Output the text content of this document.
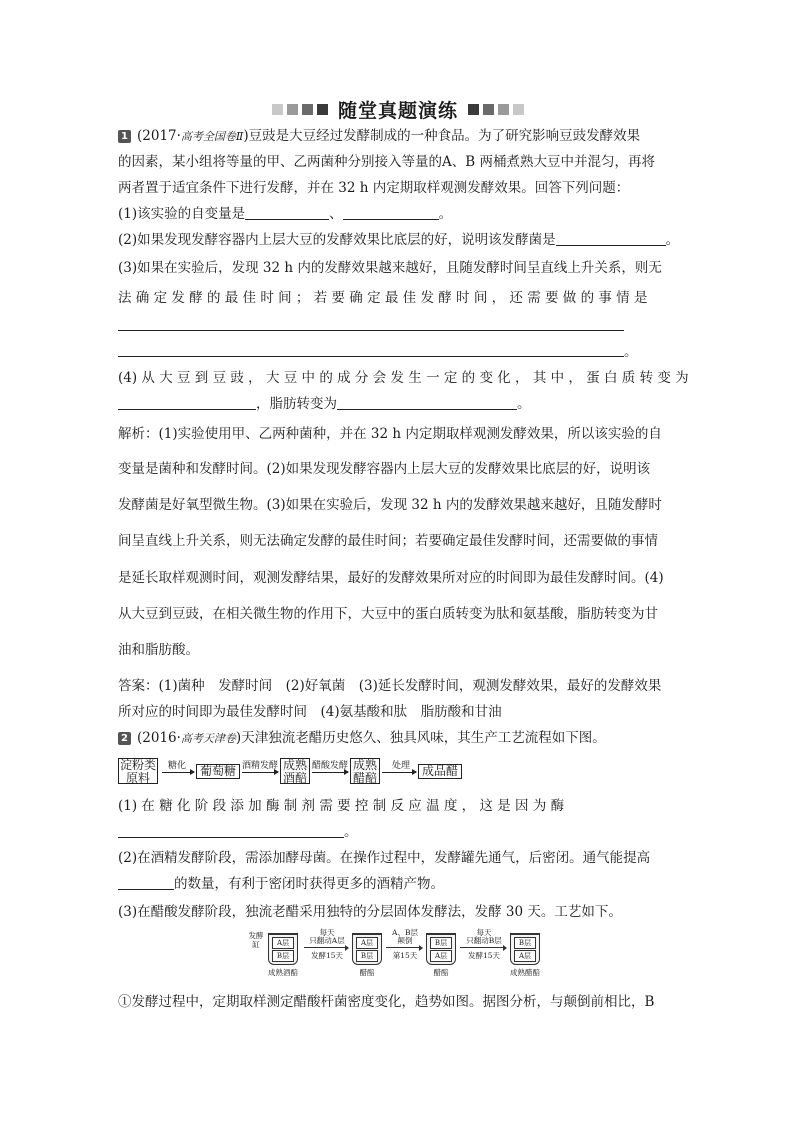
随堂真题演练
1 (2017·高考全国卷Ⅱ)豆豉是大豆经过发酵制成的一种食品。为了研究影响豆豉发酵效果
的因素，某小组将等量的甲、乙两菌种分别接入等量的A、B 两桶煮熟大豆中并混匀，再将
两者置于适宜条件下进行发酵，并在 32 h 内定期取样观测发酵效果。回答下列问题：
(1)该实验的自变量是	、	。
(2)如果发现发酵容器内上层大豆的发酵效果比底层的好，说明该发酵菌是	。
(3)如果在实验后，发现 32 h 内的发酵效果越来越好，且随发酵时间呈直线上升关系，则无
法 确 定 发 酵 的 最 佳 时 间 ； 若 要 确 定 最 佳 发 酵 时 间 ， 还 需 要 做 的 事 情 是
。
(4) 从 大 豆 到 豆 豉 ， 大 豆 中 的 成 分 会 发 生 一 定 的 变 化 ， 其 中 ， 蛋 白 质 转 变 为
，脂肪转变为	。
解析：(1)实验使用甲、乙两种菌种，并在 32 h 内定期取样观测发酵效果，所以该实验的自
变量是菌种和发酵时间。(2)如果发现发酵容器内上层大豆的发酵效果比底层的好，说明该
发酵菌是好氧型微生物。(3)如果在实验后，发现 32 h 内的发酵效果越来越好，且随发酵时
间呈直线上升关系，则无法确定发酵的最佳时间；若要确定最佳发酵时间，还需要做的事情
是延长取样观测时间，观测发酵结果，最好的发酵效果所对应的时间即为最佳发酵时间。(4)
从大豆到豆豉，在相关微生物的作用下，大豆中的蛋白质转变为肽和氨基酸，脂肪转变为甘
油和脂肪酸。
答案：(1)菌种　发酵时间　(2)好氧菌　(3)延长发酵时间，观测发酵效果，最好的发酵效果
所对应的时间即为最佳发酵时间　(4)氨基酸和肽　脂肪酸和甘油
2 (2016·高考天津卷)天津独流老醋历史悠久、独具风味，其生产工艺流程如下图。
淀粉类
原料
糖化	葡萄糖 酒精发酵 成熟
酒醅
醋酸发酵 成熟
醋醅
处理 成品醋
(1) 在 糖 化 阶 段 添 加 酶 制 剂 需 要 控 制 反 应 温 度 ， 这 是 因 为 酶
。
(2)在酒精发酵阶段，需添加酵母菌。在操作过程中，发酵罐先通气，后密闭。通气能提高
的数量，有利于密闭时获得更多的酒精产物。
(3)在醋酸发酵阶段，独流老醋采用独特的分层固体发酵法，发酵 30 天。工艺如下。
发酵缸	A层
B层
成熟酒醅
每天
只翻动A层
发酵15天
A层
B层
醋醅
A、B层
颠倒
第15天
B层
A层
醋醅
每天
只翻动B层
发酵15天
B层
A层
成熟醋醅
①发酵过程中，定期取样测定醋酸杆菌密度变化，趋势如图。据图分析，与颠倒前相比，B
